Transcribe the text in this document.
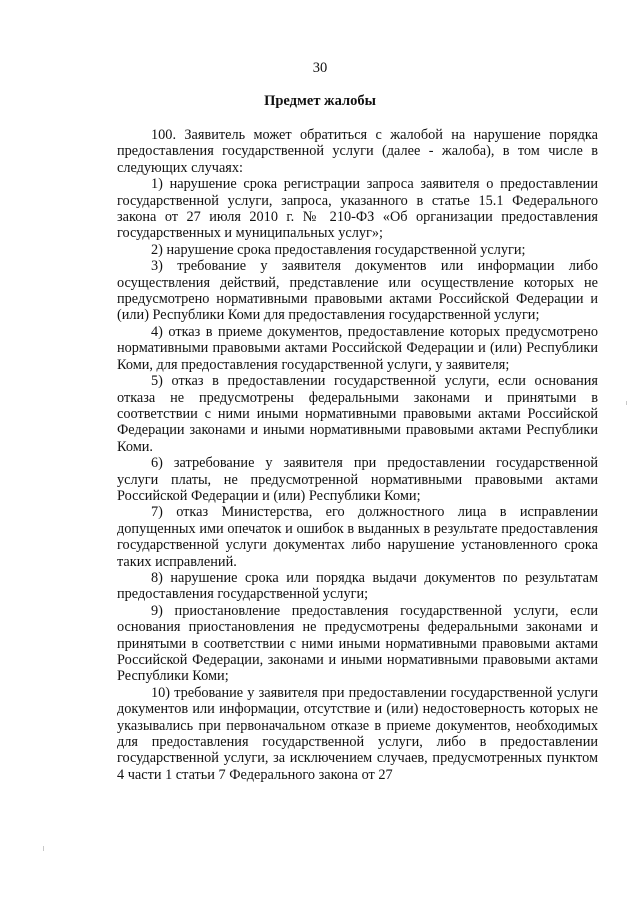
30
Предмет жалобы

100. Заявитель может обратиться с жалобой на нарушение порядка предоставления государственной услуги (далее - жалоба), в том числе в следующих случаях:

1) нарушение срока регистрации запроса заявителя о предоставлении государственной услуги, запроса, указанного в статье 15.1 Федерального закона от 27 июля 2010 г. № 210-ФЗ «Об организации предоставления государственных и муниципальных услуг»;

2) нарушение срока предоставления государственной услуги;

3) требование у заявителя документов или информации либо осуществления действий, представление или осуществление которых не предусмотрено нормативными правовыми актами Российской Федерации и (или) Республики Коми для предоставления государственной услуги;

4) отказ в приеме документов, предоставление которых предусмотрено нормативными правовыми актами Российской Федерации и (или) Республики Коми, для предоставления государственной услуги, у заявителя;

5) отказ в предоставлении государственной услуги, если основания отказа не предусмотрены федеральными законами и принятыми в соответствии с ними иными нормативными правовыми актами Российской Федерации законами и иными нормативными правовыми актами Республики Коми.

6) затребование у заявителя при предоставлении государственной услуги платы, не предусмотренной нормативными правовыми актами Российской Федерации и (или) Республики Коми;

7) отказ Министерства, его должностного лица в исправлении допущенных ими опечаток и ошибок в выданных в результате предоставления государственной услуги документах либо нарушение установленного срока таких исправлений.

8) нарушение срока или порядка выдачи документов по результатам предоставления государственной услуги;

9) приостановление предоставления государственной услуги, если основания приостановления не предусмотрены федеральными законами и принятыми в соответствии с ними иными нормативными правовыми актами Российской Федерации, законами и иными нормативными правовыми актами Республики Коми;

10) требование у заявителя при предоставлении государственной услуги документов или информации, отсутствие и (или) недостоверность которых не указывались при первоначальном отказе в приеме документов, необходимых для предоставления государственной услуги, либо в предоставлении государственной услуги, за исключением случаев, предусмотренных пунктом 4 части 1 статьи 7 Федерального закона от 27
